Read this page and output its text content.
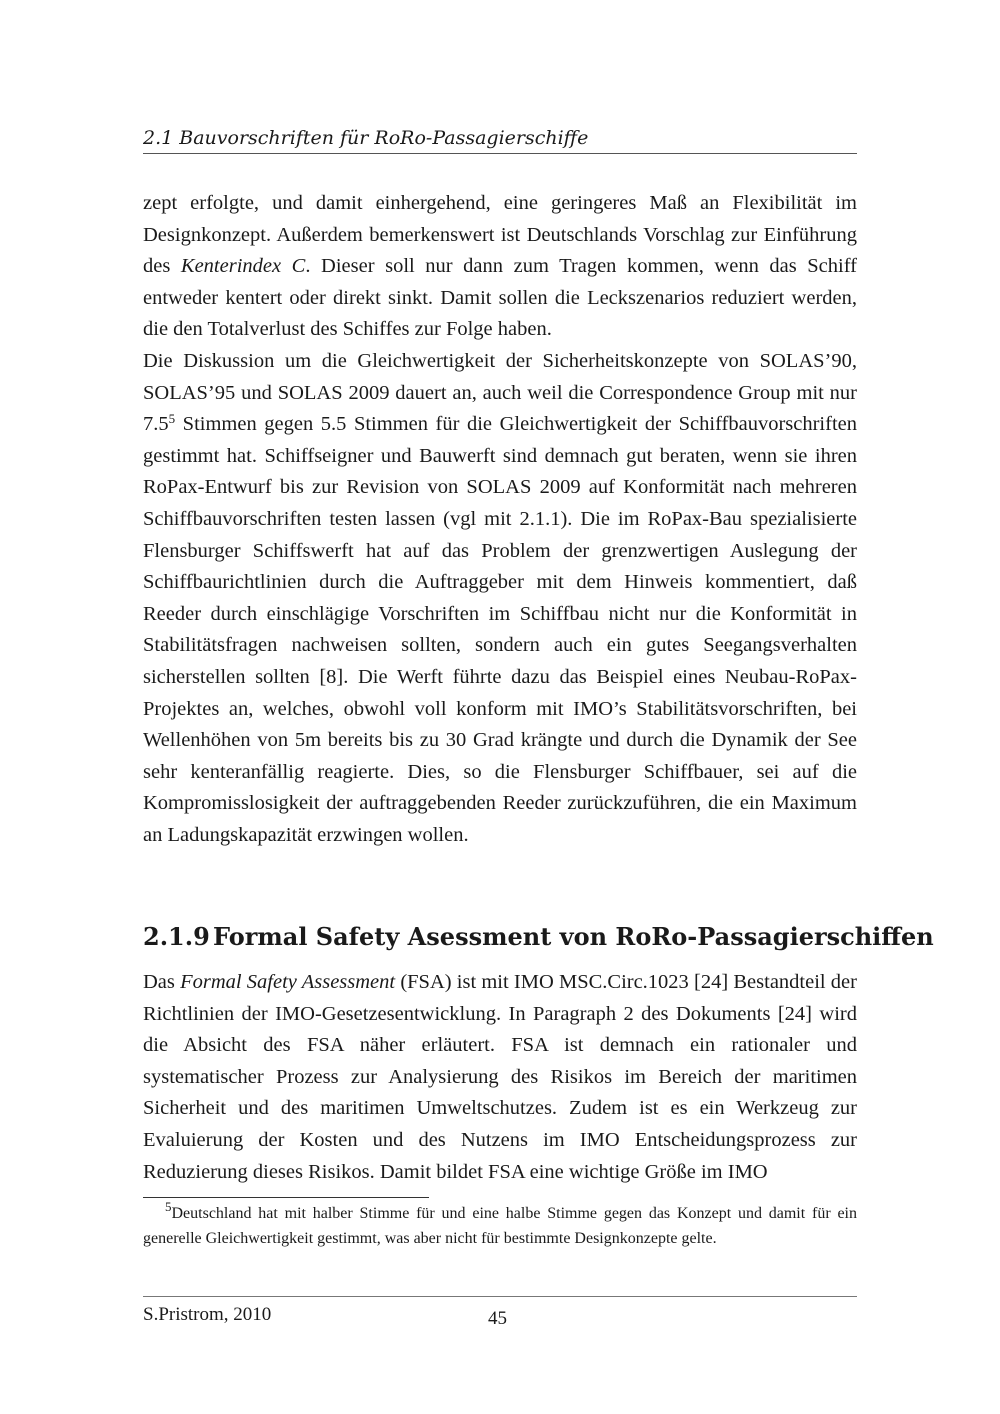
2.1 Bauvorschriften für RoRo-Passagierschiffe

zept erfolgte, und damit einhergehend, eine geringeres Maß an Flexibilität im Designkonzept. Außerdem bemerkenswert ist Deutschlands Vorschlag zur Einführung des Kenterindex C. Dieser soll nur dann zum Tragen kommen, wenn das Schiff entweder kentert oder direkt sinkt. Damit sollen die Leckszenarios reduziert werden, die den Totalverlust des Schiffes zur Folge haben.

Die Diskussion um die Gleichwertigkeit der Sicherheitskonzepte von SOLAS’90, SOLAS’95 und SOLAS 2009 dauert an, auch weil die Correspondence Group mit nur $7.5^5$ Stimmen gegen 5.5 Stimmen für die Gleichwertigkeit der Schiffbauvorschriften gestimmt hat. Schiffseigner und Bauwerft sind demnach gut beraten, wenn sie ihren RoPax-Entwurf bis zur Revision von SOLAS 2009 auf Konformität nach mehreren Schiffbauvorschriften testen lassen (vgl mit 2.1.1). Die im RoPax-Bau spezialisierte Flensburger Schiffswerft hat auf das Problem der grenzwertigen Auslegung der Schiffbaurichtlinien durch die Auftraggeber mit dem Hinweis kommentiert, daß Reeder durch einschlägige Vorschriften im Schiffbau nicht nur die Konformität in Stabilitätsfragen nachweisen sollten, sondern auch ein gutes Seegangsverhalten sicherstellen sollten [8]. Die Werft führte dazu das Beispiel eines Neubau-RoPax-Projektes an, welches, obwohl voll konform mit IMO’s Stabilitätsvorschriften, bei Wellenhöhen von 5m bereits bis zu 30 Grad krängte und durch die Dynamik der See sehr kenteranfällig reagierte. Dies, so die Flensburger Schiffbauer, sei auf die Kompromisslosigkeit der auftraggebenden Reeder zurückzuführen, die ein Maximum an Ladungskapazität erzwingen wollen.

2.1.9 Formal Safety Asessment von RoRo-Passagierschiffen

Das Formal Safety Assessment (FSA) ist mit IMO MSC.Circ.1023 [24] Bestandteil der Richtlinien der IMO-Gesetzesentwicklung. In Paragraph 2 des Dokuments [24] wird die Absicht des FSA näher erläutert. FSA ist demnach ein rationaler und systematischer Prozess zur Analysierung des Risikos im Bereich der maritimen Sicherheit und des maritimen Umweltschutzes. Zudem ist es ein Werkzeug zur Evaluierung der Kosten und des Nutzens im IMO Entscheidungsprozess zur Reduzierung dieses Risikos. Damit bildet FSA eine wichtige Größe im IMO

$^5$Deutschland hat mit halber Stimme für und eine halbe Stimme gegen das Konzept und damit für ein generelle Gleichwertigkeit gestimmt, was aber nicht für bestimmte Designkonzepte gelte.

S.Pristrom, 2010	45
